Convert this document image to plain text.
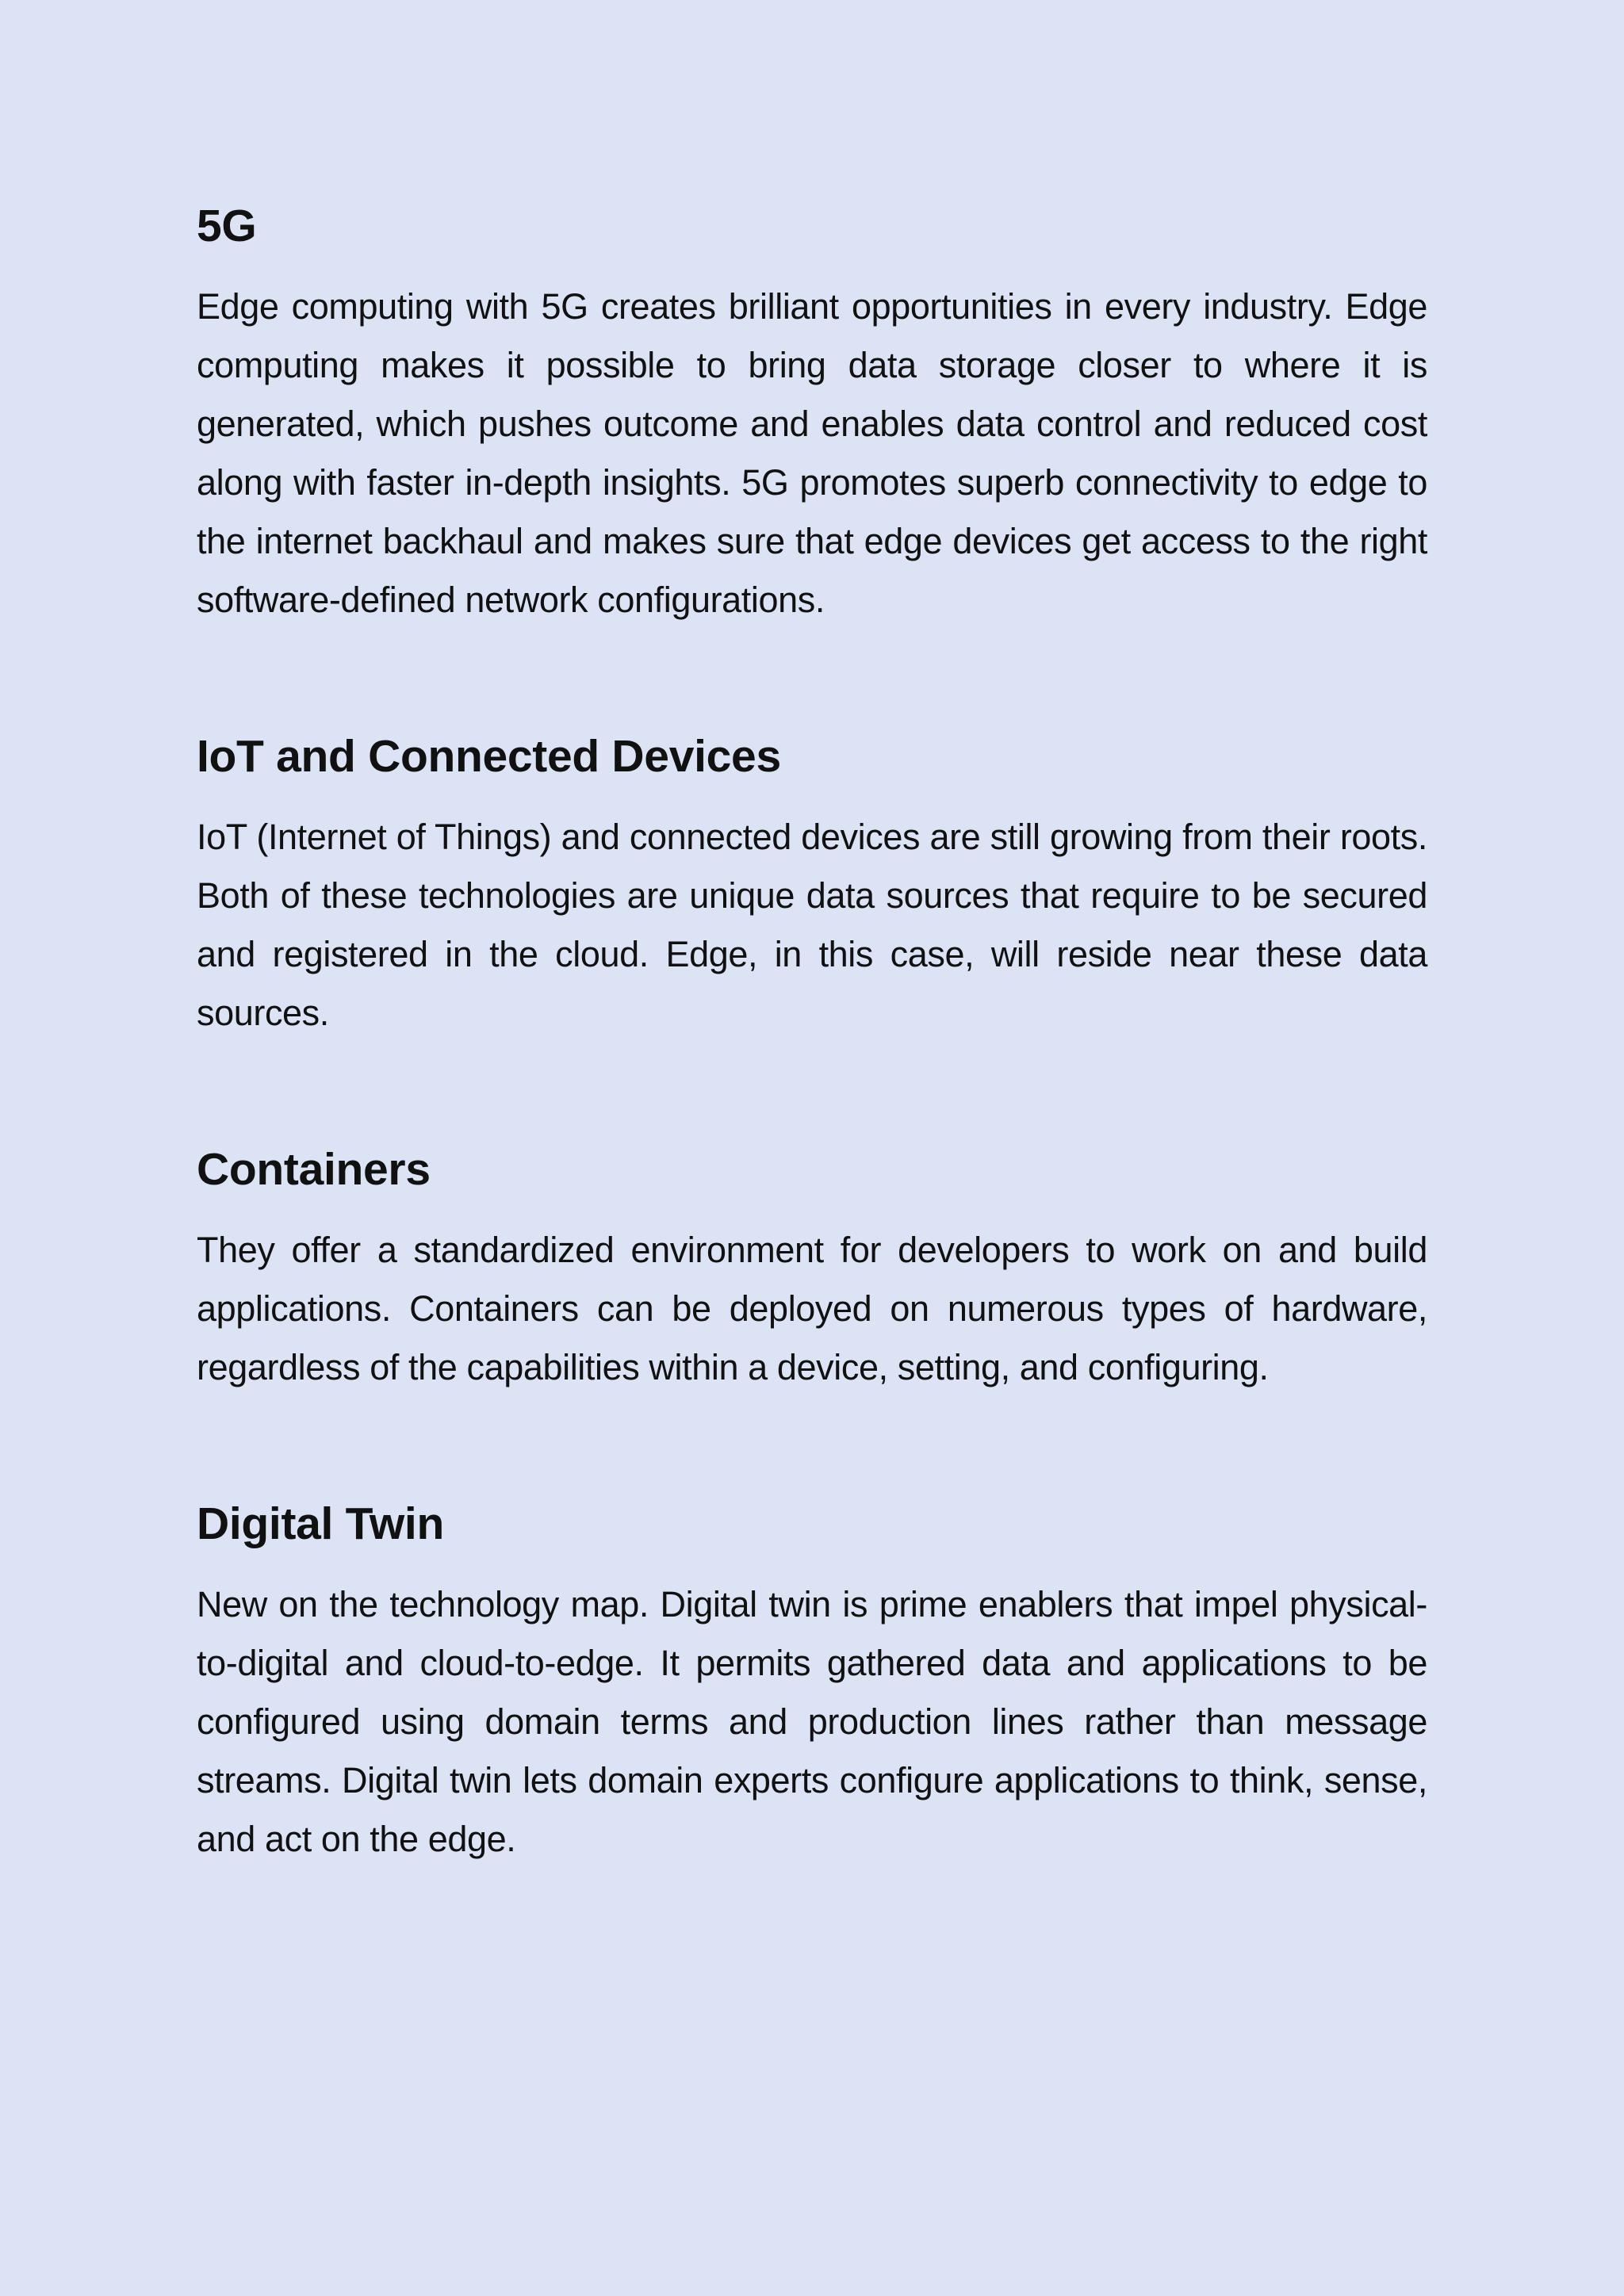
5G

Edge computing with 5G creates brilliant opportunities in every industry. Edge computing makes it possible to bring data storage closer to where it is generated, which pushes outcome and enables data control and reduced cost along with faster in-depth insights. 5G promotes superb connectivity to edge to the internet backhaul and makes sure that edge devices get access to the right software-defined network configurations.

IoT and Connected Devices

IoT (Internet of Things) and connected devices are still growing from their roots. Both of these technologies are unique data sources that require to be secured and registered in the cloud. Edge, in this case, will reside near these data sources.

Containers

They offer a standardized environment for developers to work on and build applications. Containers can be deployed on numerous types of hardware, regardless of the capabilities within a device, setting, and configuring.

Digital Twin

New on the technology map. Digital twin is prime enablers that impel physical-to-digital and cloud-to-edge. It permits gathered data and applications to be configured using domain terms and production lines rather than message streams. Digital twin lets domain experts configure applications to think, sense, and act on the edge.
